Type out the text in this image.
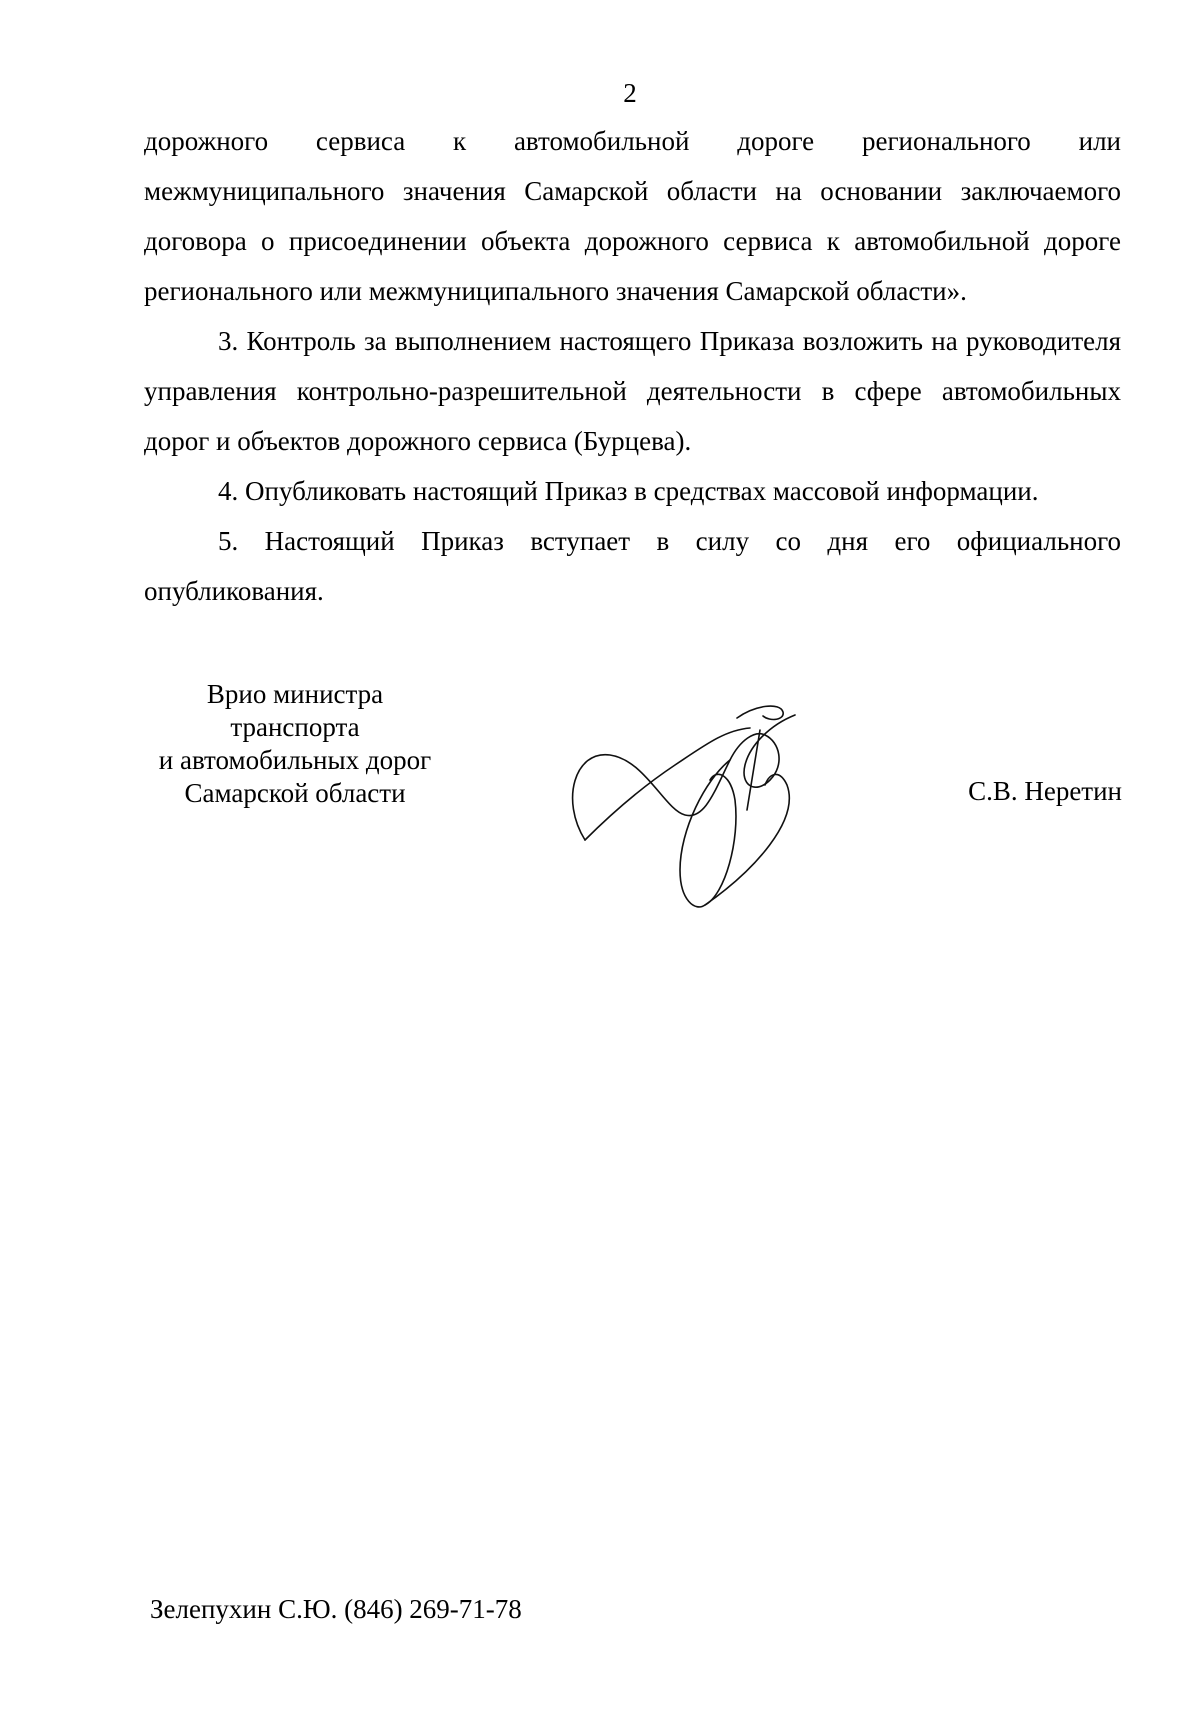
2

дорожного сервиса к автомобильной дороге регионального или межмуниципального значения Самарской области на основании заключаемого договора о присоединении объекта дорожного сервиса к автомобильной дороге регионального или межмуниципального значения Самарской области».

3. Контроль за выполнением настоящего Приказа возложить на руководителя управления контрольно-разрешительной деятельности в сфере автомобильных дорог и объектов дорожного сервиса (Бурцева).

4. Опубликовать настоящий Приказ в средствах массовой информации.

5. Настоящий Приказ вступает в силу со дня его официального опубликования.

Врио министра
транспорта
и автомобильных дорог
Самарской области	С.В. Неретин
Зелепухин С.Ю. (846) 269-71-78
